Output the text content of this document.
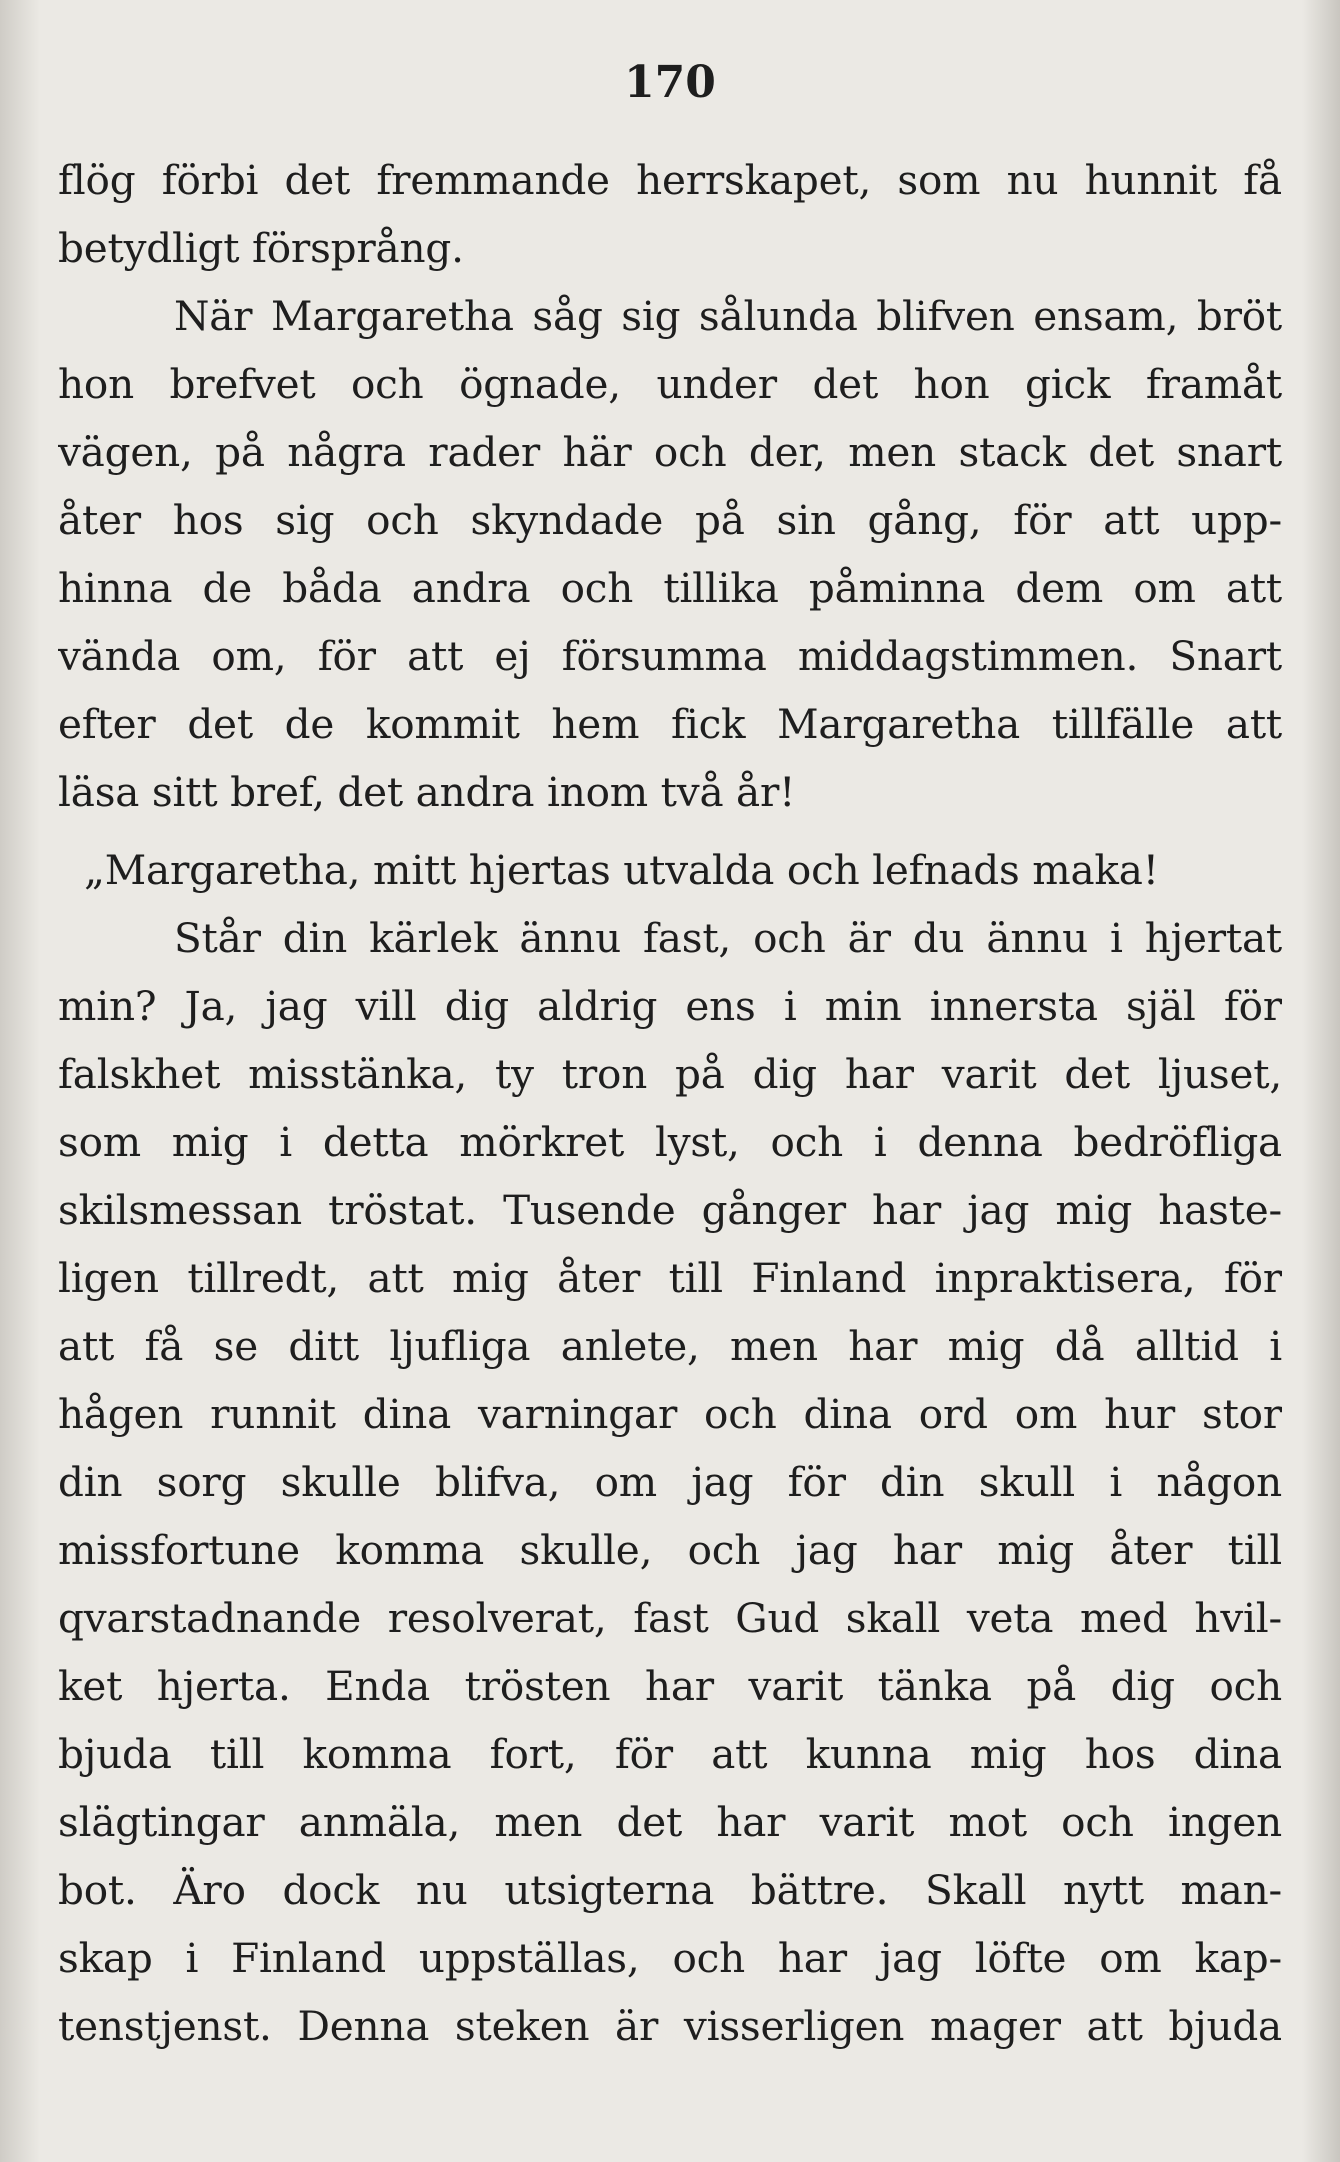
170
flög förbi det fremmande herrskapet, som nu hunnit få
betydligt försprång.
När Margaretha såg sig sålunda blifven ensam, bröt
hon brefvet och ögnade, under det hon gick framåt
vägen, på några rader här och der, men stack det snart
åter hos sig och skyndade på sin gång, för att upp-
hinna de båda andra och tillika påminna dem om att
vända om, för att ej försumma middagstimmen. Snart
efter det de kommit hem fick Margaretha tillfälle att
läsa sitt bref, det andra inom två år!
„Margaretha, mitt hjertas utvalda och lefnads maka!
Står din kärlek ännu fast, och är du ännu i hjertat
min? Ja, jag vill dig aldrig ens i min innersta själ för
falskhet misstänka, ty tron på dig har varit det ljuset,
som mig i detta mörkret lyst, och i denna bedröfliga
skilsmessan tröstat. Tusende gånger har jag mig haste-
ligen tillredt, att mig åter till Finland inpraktisera, för
att få se ditt ljufliga anlete, men har mig då alltid i
hågen runnit dina varningar och dina ord om hur stor
din sorg skulle blifva, om jag för din skull i någon
missfortune komma skulle, och jag har mig åter till
qvarstadnande resolverat, fast Gud skall veta med hvil-
ket hjerta. Enda trösten har varit tänka på dig och
bjuda till komma fort, för att kunna mig hos dina
slägtingar anmäla, men det har varit mot och ingen
bot. Äro dock nu utsigterna bättre. Skall nytt man-
skap i Finland uppställas, och har jag löfte om kap-
tenstjenst. Denna steken är visserligen mager att bjuda
